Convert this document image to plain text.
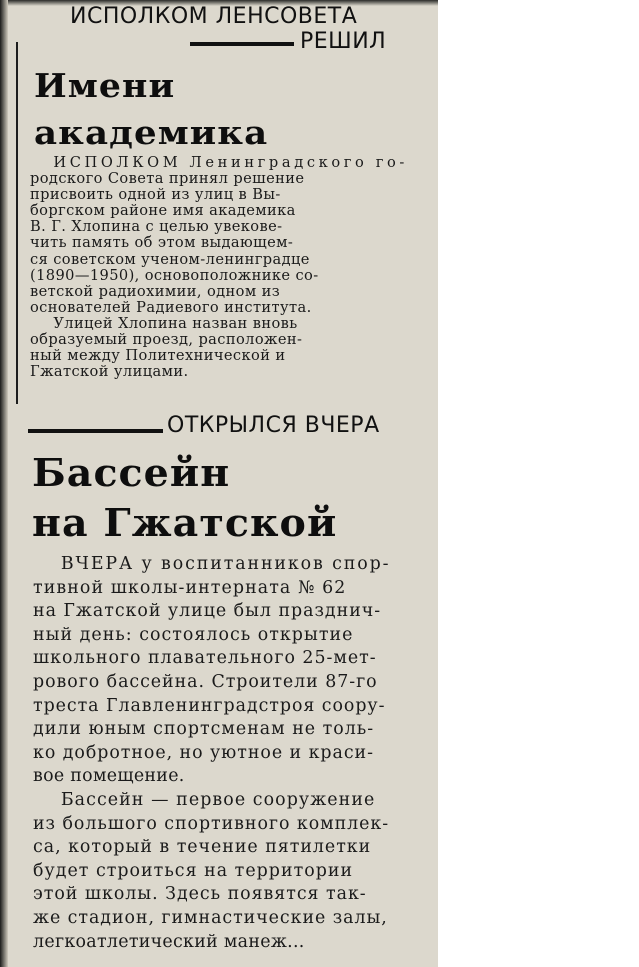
ИСПОЛКОМ ЛЕНСОВЕТА
РЕШИЛ
Имени
академика
ИСПОЛКОМ Ленинградского го-
родского Совета принял решение
присвоить одной из улиц в Вы-
боргском районе имя академика
В. Г. Хлопина с целью увекове-
чить память об этом выдающем-
ся советском ученом-ленинградце
(1890—1950), основоположнике со-
ветской радиохимии, одном из
основателей Радиевого института.
Улицей Хлопина назван вновь
образуемый проезд, расположен-
ный между Политехнической и
Гжатской улицами.
ОТКРЫЛСЯ ВЧЕРА
Бассейн
на Гжатской
ВЧЕРА у воспитанников спор-
тивной школы-интерната № 62
на Гжатской улице был празднич-
ный день: состоялось открытие
школьного плавательного 25-мет-
рового бассейна. Строители 87-го
треста Главленинградстроя соору-
дили юным спортсменам не толь-
ко добротное, но уютное и краси-
вое помещение.
Бассейн — первое сооружение
из большого спортивного комплек-
са, который в течение пятилетки
будет строиться на территории
этой школы. Здесь появятся так-
же стадион, гимнастические залы,
легкоатлетический манеж...
